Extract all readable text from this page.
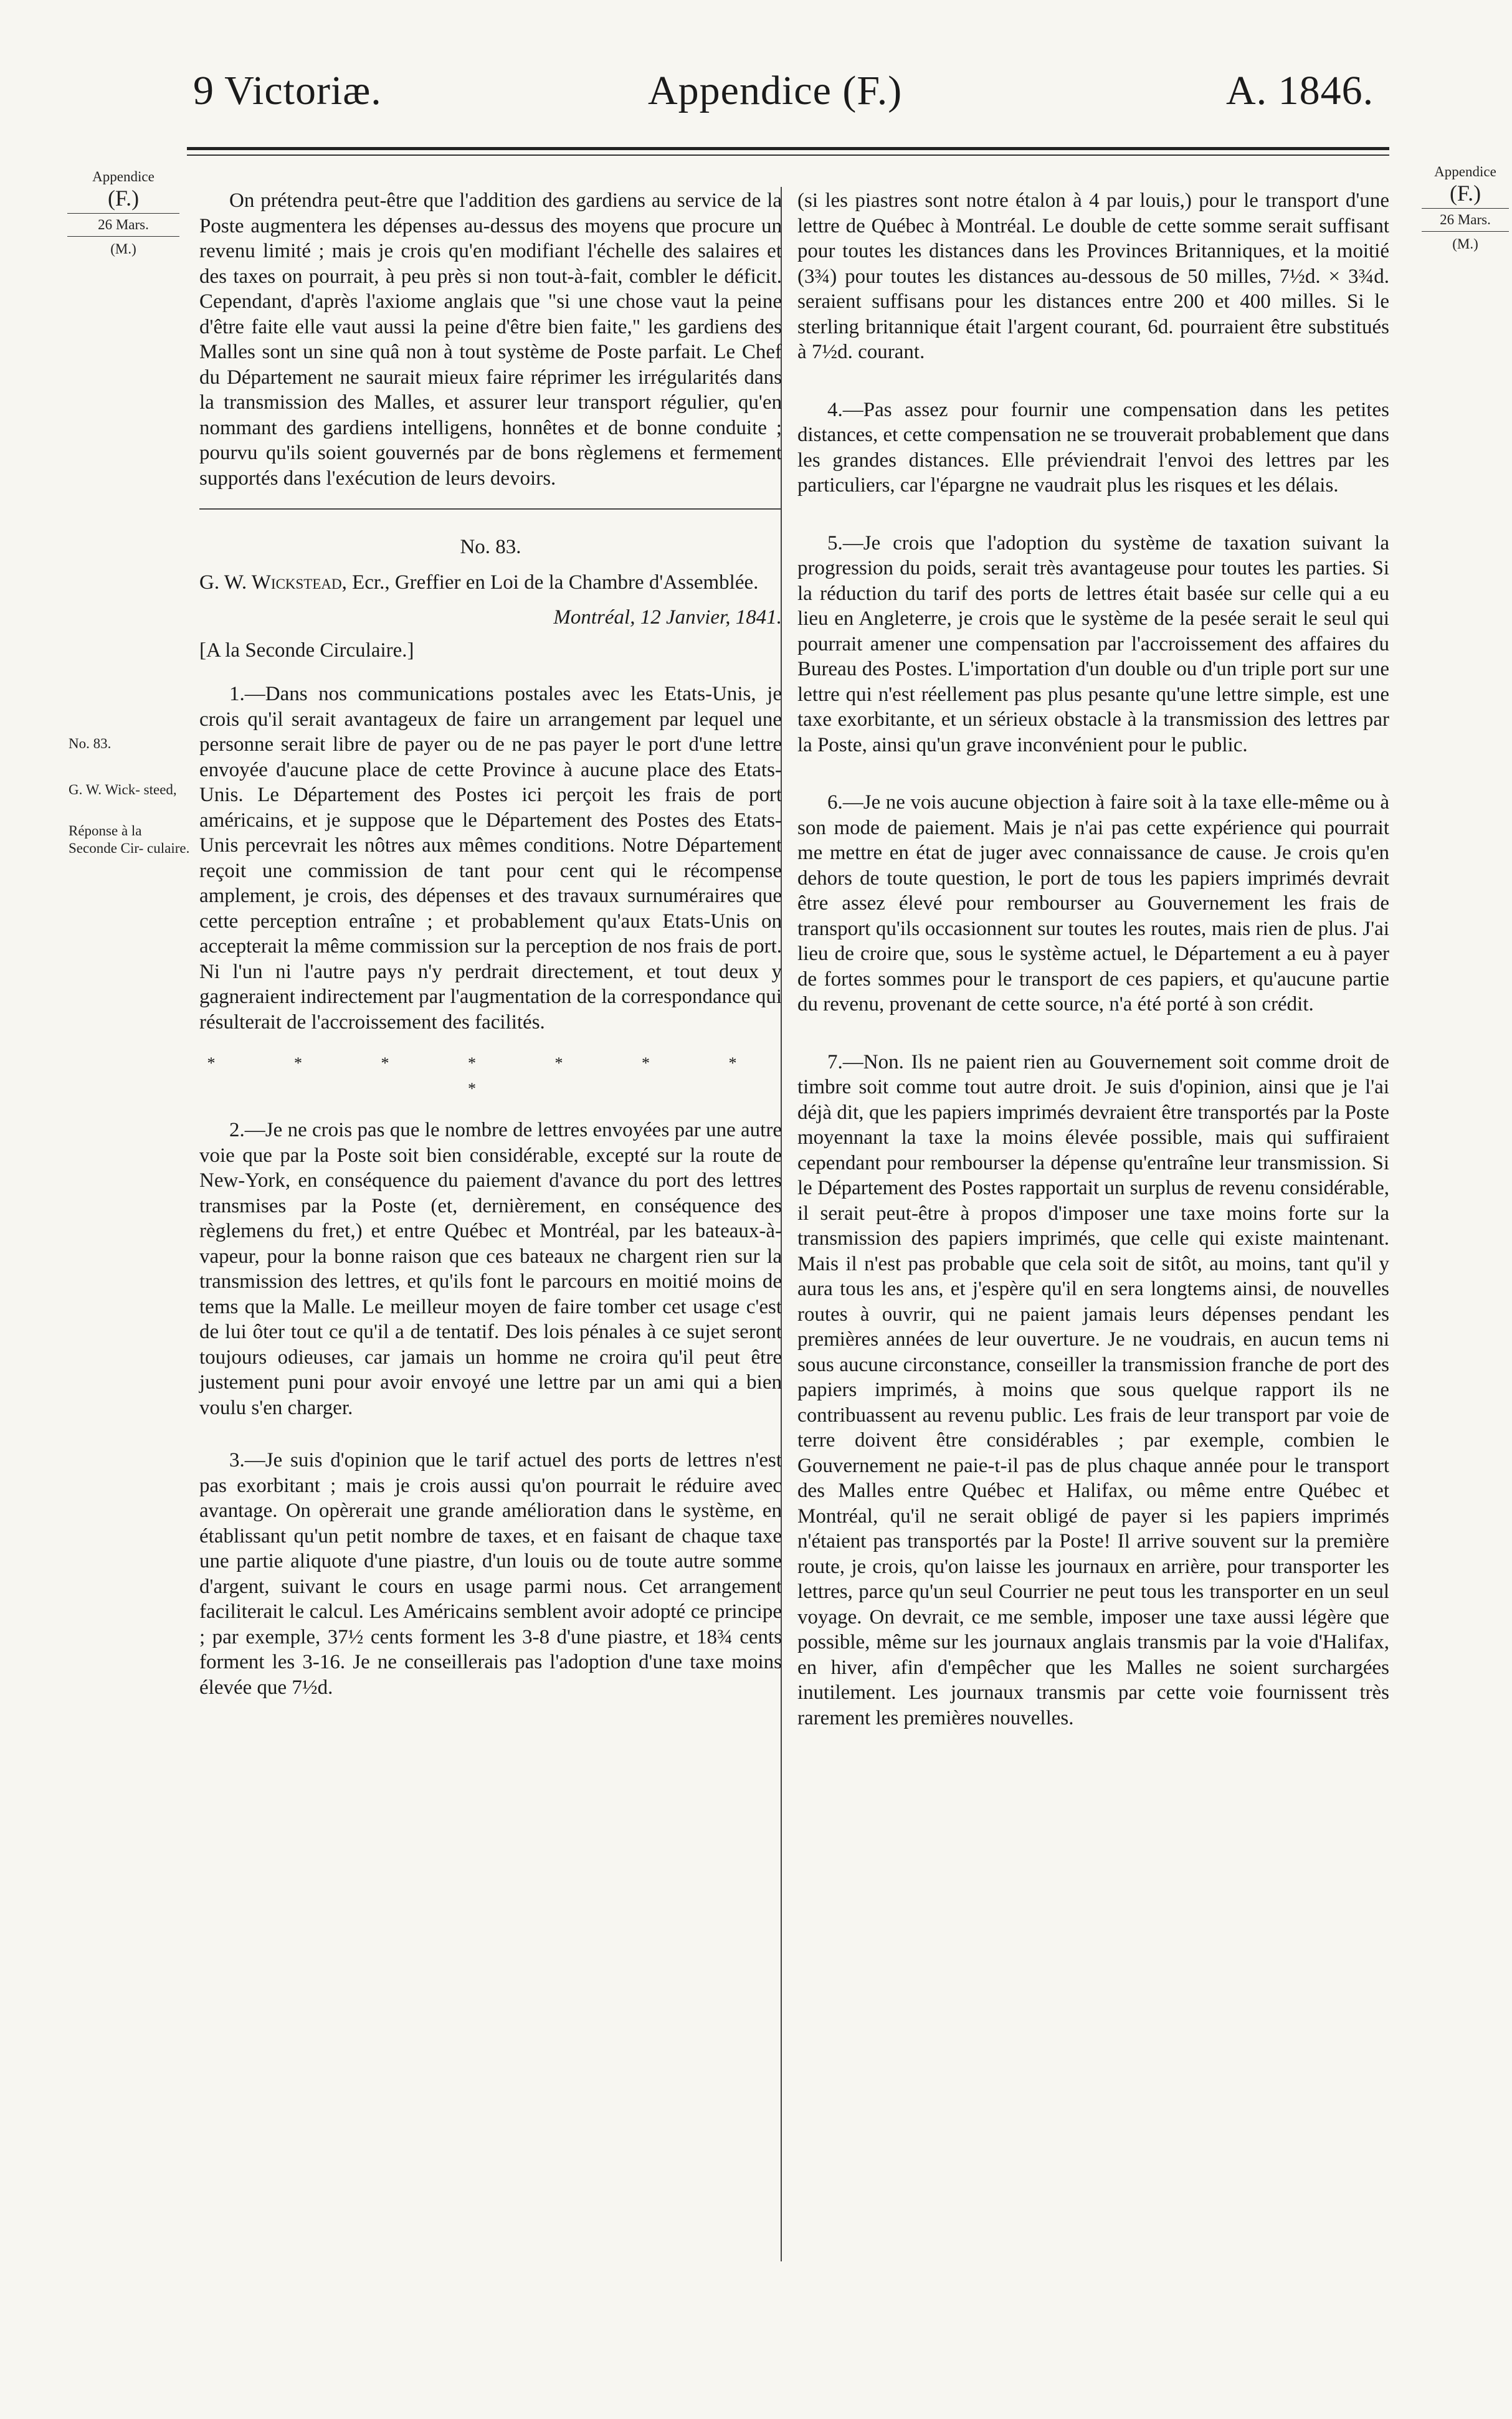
9 Victoriæ.	Appendice (F.)	A. 1846.
Appendice
(F.)
26 Mars.
(M.)
Appendice
(F.)
26 Mars.
(M.)
No. 83.
G. W. Wick- steed,
Réponse à la Seconde Cir- culaire.

On prétendra peut-être que l'addition des gardiens au service de la Poste augmentera les dépenses au-dessus des moyens que procure un revenu limité ; mais je crois qu'en modifiant l'échelle des salaires et des taxes on pourrait, à peu près si non tout-à-fait, combler le déficit. Cependant, d'après l'axiome anglais que "si une chose vaut la peine d'être faite elle vaut aussi la peine d'être bien faite," les gardiens des Malles sont un sine quâ non à tout système de Poste parfait. Le Chef du Département ne saurait mieux faire réprimer les irrégularités dans la transmission des Malles, et assurer leur transport régulier, qu'en nommant des gardiens intelligens, honnêtes et de bonne conduite ; pourvu qu'ils soient gouvernés par de bons règlemens et fermement supportés dans l'exécution de leurs devoirs.

No. 83.

G. W. Wickstead, Ecr., Greffier en Loi de la Chambre d'Assemblée.

Montréal, 12 Janvier, 1841.

[A la Seconde Circulaire.]

1.—Dans nos communications postales avec les Etats-Unis, je crois qu'il serait avantageux de faire un arrangement par lequel une personne serait libre de payer ou de ne pas payer le port d'une lettre envoyée d'aucune place de cette Province à aucune place des Etats-Unis. Le Département des Postes ici perçoit les frais de port américains, et je suppose que le Département des Postes des Etats-Unis percevrait les nôtres aux mêmes conditions. Notre Département reçoit une commission de tant pour cent qui le récompense amplement, je crois, des dépenses et des travaux surnuméraires que cette perception entraîne ; et probablement qu'aux Etats-Unis on accepterait la même commission sur la perception de nos frais de port. Ni l'un ni l'autre pays n'y perdrait directement, et tout deux y gagneraient indirectement par l'augmentation de la correspondance qui résulterait de l'accroissement des facilités.

* * * * * * * *

2.—Je ne crois pas que le nombre de lettres envoyées par une autre voie que par la Poste soit bien considérable, excepté sur la route de New-York, en conséquence du paiement d'avance du port des lettres transmises par la Poste (et, dernièrement, en conséquence des règlemens du fret,) et entre Québec et Montréal, par les bateaux-à-vapeur, pour la bonne raison que ces bateaux ne chargent rien sur la transmission des lettres, et qu'ils font le parcours en moitié moins de tems que la Malle. Le meilleur moyen de faire tomber cet usage c'est de lui ôter tout ce qu'il a de tentatif. Des lois pénales à ce sujet seront toujours odieuses, car jamais un homme ne croira qu'il peut être justement puni pour avoir envoyé une lettre par un ami qui a bien voulu s'en charger.

3.—Je suis d'opinion que le tarif actuel des ports de lettres n'est pas exorbitant ; mais je crois aussi qu'on pourrait le réduire avec avantage. On opèrerait une grande amélioration dans le système, en établissant qu'un petit nombre de taxes, et en faisant de chaque taxe une partie aliquote d'une piastre, d'un louis ou de toute autre somme d'argent, suivant le cours en usage parmi nous. Cet arrangement faciliterait le calcul. Les Américains semblent avoir adopté ce principe ; par exemple, 37½ cents forment les 3-8 d'une piastre, et 18¾ cents forment les 3-16. Je ne conseillerais pas l'adoption d'une taxe moins élevée que 7½d.

(si les piastres sont notre étalon à 4 par louis,) pour le transport d'une lettre de Québec à Montréal. Le double de cette somme serait suffisant pour toutes les distances dans les Provinces Britanniques, et la moitié (3¾) pour toutes les distances au-dessous de 50 milles, 7½d. × 3¾d. seraient suffisans pour les distances entre 200 et 400 milles. Si le sterling britannique était l'argent courant, 6d. pourraient être substitués à 7½d. courant.

4.—Pas assez pour fournir une compensation dans les petites distances, et cette compensation ne se trouverait probablement que dans les grandes distances. Elle préviendrait l'envoi des lettres par les particuliers, car l'épargne ne vaudrait plus les risques et les délais.

5.—Je crois que l'adoption du système de taxation suivant la progression du poids, serait très avantageuse pour toutes les parties. Si la réduction du tarif des ports de lettres était basée sur celle qui a eu lieu en Angleterre, je crois que le système de la pesée serait le seul qui pourrait amener une compensation par l'accroissement des affaires du Bureau des Postes. L'importation d'un double ou d'un triple port sur une lettre qui n'est réellement pas plus pesante qu'une lettre simple, est une taxe exorbitante, et un sérieux obstacle à la transmission des lettres par la Poste, ainsi qu'un grave inconvénient pour le public.

6.—Je ne vois aucune objection à faire soit à la taxe elle-même ou à son mode de paiement. Mais je n'ai pas cette expérience qui pourrait me mettre en état de juger avec connaissance de cause. Je crois qu'en dehors de toute question, le port de tous les papiers imprimés devrait être assez élevé pour rembourser au Gouvernement les frais de transport qu'ils occasionnent sur toutes les routes, mais rien de plus. J'ai lieu de croire que, sous le système actuel, le Département a eu à payer de fortes sommes pour le transport de ces papiers, et qu'aucune partie du revenu, provenant de cette source, n'a été porté à son crédit.

7.—Non. Ils ne paient rien au Gouvernement soit comme droit de timbre soit comme tout autre droit. Je suis d'opinion, ainsi que je l'ai déjà dit, que les papiers imprimés devraient être transportés par la Poste moyennant la taxe la moins élevée possible, mais qui suffiraient cependant pour rembourser la dépense qu'entraîne leur transmission. Si le Département des Postes rapportait un surplus de revenu considérable, il serait peut-être à propos d'imposer une taxe moins forte sur la transmission des papiers imprimés, que celle qui existe maintenant. Mais il n'est pas probable que cela soit de sitôt, au moins, tant qu'il y aura tous les ans, et j'espère qu'il en sera longtems ainsi, de nouvelles routes à ouvrir, qui ne paient jamais leurs dépenses pendant les premières années de leur ouverture. Je ne voudrais, en aucun tems ni sous aucune circonstance, conseiller la transmission franche de port des papiers imprimés, à moins que sous quelque rapport ils ne contribuassent au revenu public. Les frais de leur transport par voie de terre doivent être considérables ; par exemple, combien le Gouvernement ne paie-t-il pas de plus chaque année pour le transport des Malles entre Québec et Halifax, ou même entre Québec et Montréal, qu'il ne serait obligé de payer si les papiers imprimés n'étaient pas transportés par la Poste! Il arrive souvent sur la première route, je crois, qu'on laisse les journaux en arrière, pour transporter les lettres, parce qu'un seul Courrier ne peut tous les transporter en un seul voyage. On devrait, ce me semble, imposer une taxe aussi légère que possible, même sur les journaux anglais transmis par la voie d'Halifax, en hiver, afin d'empêcher que les Malles ne soient surchargées inutilement. Les journaux transmis par cette voie fournissent très rarement les premières nouvelles.
